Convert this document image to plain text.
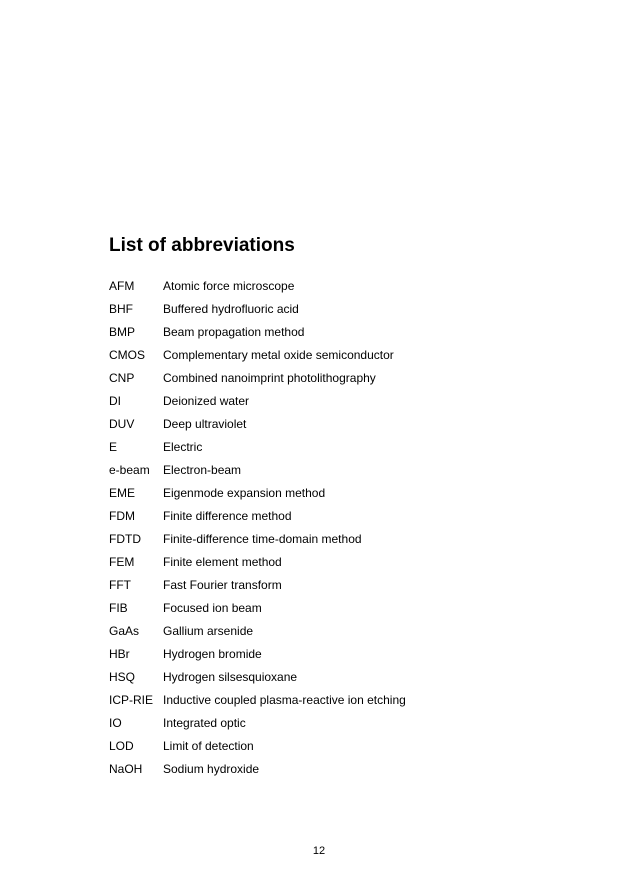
List of abbreviations
AFM Atomic force microscope
BHF	Buffered hydrofluoric acid
BMP Beam propagation method
CMOS Complementary metal oxide semiconductor
CNP Combined nanoimprint photolithography
DI	Deionized water
DUV Deep ultraviolet
E	Electric
e-beam Electron-beam
EME Eigenmode expansion method
FDM Finite difference method
FDTD Finite-difference time-domain method
FEM Finite element method
FFT	Fast Fourier transform
FIB	Focused ion beam
GaAs Gallium arsenide
HBr	Hydrogen bromide
HSQ Hydrogen silsesquioxane
ICP-RIE Inductive coupled plasma-reactive ion etching
IO	Integrated optic
LOD Limit of detection
NaOH Sodium hydroxide
12
